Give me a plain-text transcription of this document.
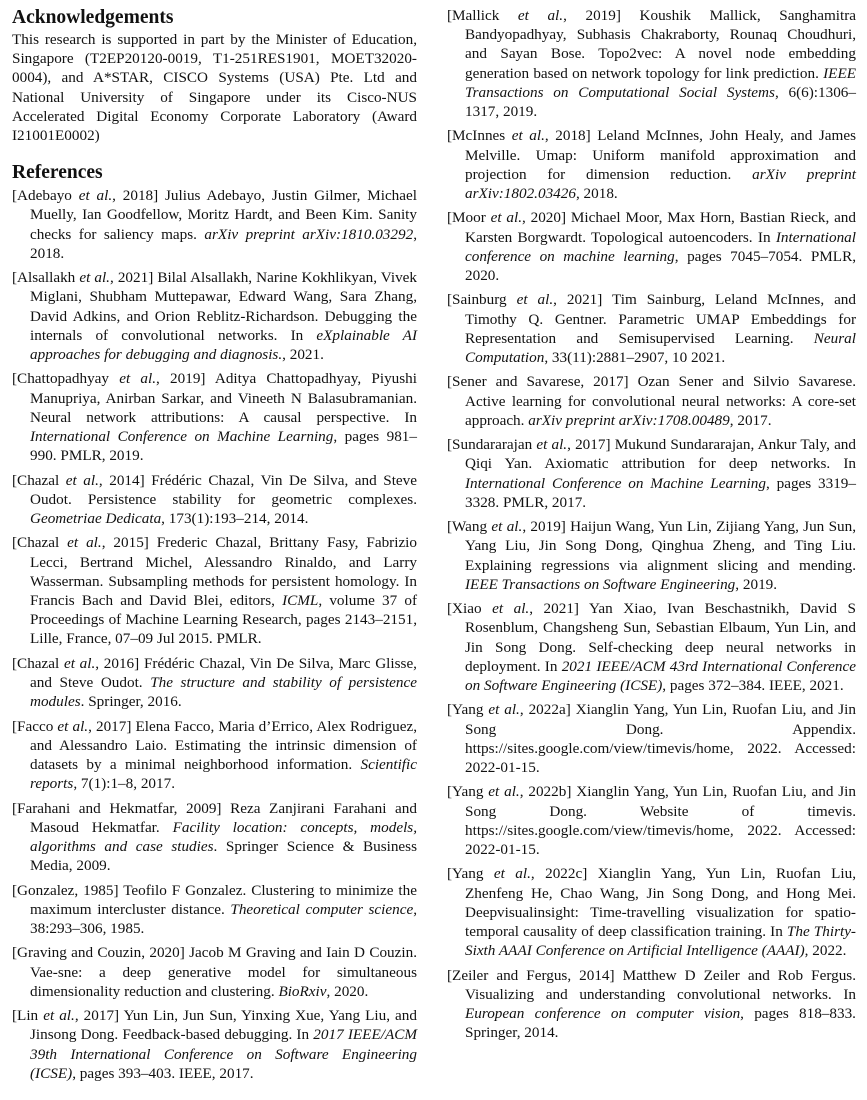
Acknowledgements

This research is supported in part by the Minister of Education, Singapore (T2EP20120-0019, T1-251RES1901, MOET32020-0004), and A*STAR, CISCO Systems (USA) Pte. Ltd and National University of Singapore under its Cisco-NUS Accelerated Digital Economy Corporate Laboratory (Award I21001E0002)

References

[Adebayo et al., 2018] Julius Adebayo, Justin Gilmer, Michael Muelly, Ian Goodfellow, Moritz Hardt, and Been Kim. Sanity checks for saliency maps. arXiv preprint arXiv:1810.03292, 2018.

[Alsallakh et al., 2021] Bilal Alsallakh, Narine Kokhlikyan, Vivek Miglani, Shubham Muttepawar, Edward Wang, Sara Zhang, David Adkins, and Orion Reblitz-Richardson. Debugging the internals of convolutional networks. In eXplainable AI approaches for debugging and diagnosis., 2021.

[Chattopadhyay et al., 2019] Aditya Chattopadhyay, Piyushi Manupriya, Anirban Sarkar, and Vineeth N Balasubramanian. Neural network attributions: A causal perspective. In International Conference on Machine Learning, pages 981–990. PMLR, 2019.

[Chazal et al., 2014] Frédéric Chazal, Vin De Silva, and Steve Oudot. Persistence stability for geometric complexes. Geometriae Dedicata, 173(1):193–214, 2014.

[Chazal et al., 2015] Frederic Chazal, Brittany Fasy, Fabrizio Lecci, Bertrand Michel, Alessandro Rinaldo, and Larry Wasserman. Subsampling methods for persistent homology. In Francis Bach and David Blei, editors, ICML, volume 37 of Proceedings of Machine Learning Research, pages 2143–2151, Lille, France, 07–09 Jul 2015. PMLR.

[Chazal et al., 2016] Frédéric Chazal, Vin De Silva, Marc Glisse, and Steve Oudot. The structure and stability of persistence modules. Springer, 2016.

[Facco et al., 2017] Elena Facco, Maria d’Errico, Alex Rodriguez, and Alessandro Laio. Estimating the intrinsic dimension of datasets by a minimal neighborhood information. Scientific reports, 7(1):1–8, 2017.

[Farahani and Hekmatfar, 2009] Reza Zanjirani Farahani and Masoud Hekmatfar. Facility location: concepts, models, algorithms and case studies. Springer Science & Business Media, 2009.

[Gonzalez, 1985] Teofilo F Gonzalez. Clustering to minimize the maximum intercluster distance. Theoretical computer science, 38:293–306, 1985.

[Graving and Couzin, 2020] Jacob M Graving and Iain D Couzin. Vae-sne: a deep generative model for simultaneous dimensionality reduction and clustering. BioRxiv, 2020.

[Lin et al., 2017] Yun Lin, Jun Sun, Yinxing Xue, Yang Liu, and Jinsong Dong. Feedback-based debugging. In 2017 IEEE/ACM 39th International Conference on Software Engineering (ICSE), pages 393–403. IEEE, 2017.

[Mallick et al., 2019] Koushik Mallick, Sanghamitra Bandyopadhyay, Subhasis Chakraborty, Rounaq Choudhuri, and Sayan Bose. Topo2vec: A novel node embedding generation based on network topology for link prediction. IEEE Transactions on Computational Social Systems, 6(6):1306–1317, 2019.

[McInnes et al., 2018] Leland McInnes, John Healy, and James Melville. Umap: Uniform manifold approximation and projection for dimension reduction. arXiv preprint arXiv:1802.03426, 2018.

[Moor et al., 2020] Michael Moor, Max Horn, Bastian Rieck, and Karsten Borgwardt. Topological autoencoders. In International conference on machine learning, pages 7045–7054. PMLR, 2020.

[Sainburg et al., 2021] Tim Sainburg, Leland McInnes, and Timothy Q. Gentner. Parametric UMAP Embeddings for Representation and Semisupervised Learning. Neural Computation, 33(11):2881–2907, 10 2021.

[Sener and Savarese, 2017] Ozan Sener and Silvio Savarese. Active learning for convolutional neural networks: A core-set approach. arXiv preprint arXiv:1708.00489, 2017.

[Sundararajan et al., 2017] Mukund Sundararajan, Ankur Taly, and Qiqi Yan. Axiomatic attribution for deep networks. In International Conference on Machine Learning, pages 3319–3328. PMLR, 2017.

[Wang et al., 2019] Haijun Wang, Yun Lin, Zijiang Yang, Jun Sun, Yang Liu, Jin Song Dong, Qinghua Zheng, and Ting Liu. Explaining regressions via alignment slicing and mending. IEEE Transactions on Software Engineering, 2019.

[Xiao et al., 2021] Yan Xiao, Ivan Beschastnikh, David S Rosenblum, Changsheng Sun, Sebastian Elbaum, Yun Lin, and Jin Song Dong. Self-checking deep neural networks in deployment. In 2021 IEEE/ACM 43rd International Conference on Software Engineering (ICSE), pages 372–384. IEEE, 2021.

[Yang et al., 2022a] Xianglin Yang, Yun Lin, Ruofan Liu, and Jin Song Dong. Appendix. https://sites.google.com/view/timevis/home, 2022. Accessed: 2022-01-15.

[Yang et al., 2022b] Xianglin Yang, Yun Lin, Ruofan Liu, and Jin Song Dong. Website of timevis. https://sites.google.com/view/timevis/home, 2022. Accessed: 2022-01-15.

[Yang et al., 2022c] Xianglin Yang, Yun Lin, Ruofan Liu, Zhenfeng He, Chao Wang, Jin Song Dong, and Hong Mei. Deepvisualinsight: Time-travelling visualization for spatio-temporal causality of deep classification training. In The Thirty-Sixth AAAI Conference on Artificial Intelligence (AAAI), 2022.

[Zeiler and Fergus, 2014] Matthew D Zeiler and Rob Fergus. Visualizing and understanding convolutional networks. In European conference on computer vision, pages 818–833. Springer, 2014.
